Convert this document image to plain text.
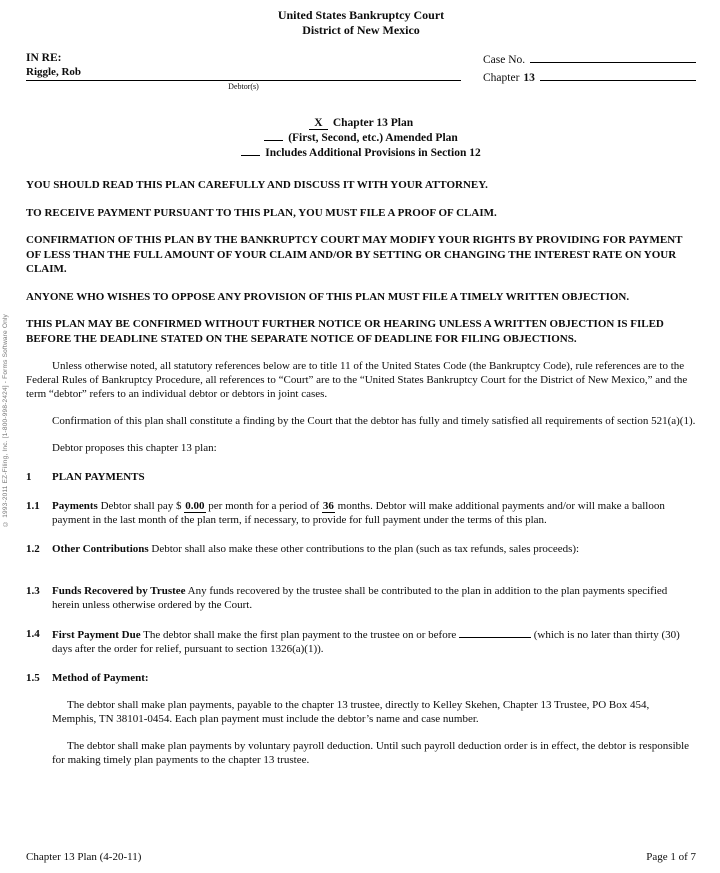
© 1993-2011 EZ-Filing, Inc. [1-800-998-2424] - Forms Software Only
United States Bankruptcy Court
District of New Mexico
IN RE:
Riggle, Rob
Debtor(s)
Case No.
Chapter 13
X Chapter 13 Plan
(First, Second, etc.) Amended Plan
Includes Additional Provisions in Section 12

YOU SHOULD READ THIS PLAN CAREFULLY AND DISCUSS IT WITH YOUR ATTORNEY.

TO RECEIVE PAYMENT PURSUANT TO THIS PLAN, YOU MUST FILE A PROOF OF CLAIM.

CONFIRMATION OF THIS PLAN BY THE BANKRUPTCY COURT MAY MODIFY YOUR RIGHTS BY PROVIDING FOR PAYMENT OF LESS THAN THE FULL AMOUNT OF YOUR CLAIM AND/OR BY SETTING OR CHANGING THE INTEREST RATE ON YOUR CLAIM.

ANYONE WHO WISHES TO OPPOSE ANY PROVISION OF THIS PLAN MUST FILE A TIMELY WRITTEN OBJECTION.

THIS PLAN MAY BE CONFIRMED WITHOUT FURTHER NOTICE OR HEARING UNLESS A WRITTEN OBJECTION IS FILED BEFORE THE DEADLINE STATED ON THE SEPARATE NOTICE OF DEADLINE FOR FILING OBJECTIONS.

Unless otherwise noted, all statutory references below are to title 11 of the United States Code (the Bankruptcy Code), rule references are to the Federal Rules of Bankruptcy Procedure, all references to “Court” are to the “United States Bankruptcy Court for the District of New Mexico,” and the term “debtor” refers to an individual debtor or debtors in joint cases.

Confirmation of this plan shall constitute a finding by the Court that the debtor has fully and timely satisfied all requirements of section 521(a)(1).

Debtor proposes this chapter 13 plan:

1	PLAN PAYMENTS
1.1	Payments Debtor shall pay $ 0.00 per month for a period of 36 months. Debtor will make additional payments and/or will make a balloon payment in the last month of the plan term, if necessary, to provide for full payment under the terms of this plan.
1.2	Other Contributions Debtor shall also make these other contributions to the plan (such as tax refunds, sales proceeds):
1.3	Funds Recovered by Trustee Any funds recovered by the trustee shall be contributed to the plan in addition to the plan payments specified herein unless otherwise ordered by the Court.
1.4	First Payment Due The debtor shall make the first plan payment to the trustee on or before	(which is no later than thirty (30) days after the order for relief, pursuant to section 1326(a)(1)).
1.5	Method of Payment:

The debtor shall make plan payments, payable to the chapter 13 trustee, directly to Kelley Skehen, Chapter 13 Trustee, PO Box 454, Memphis, TN 38101-0454. Each plan payment must include the debtor’s name and case number.

The debtor shall make plan payments by voluntary payroll deduction. Until such payroll deduction order is in effect, the debtor is responsible for making timely plan payments to the chapter 13 trustee.

Chapter 13 Plan (4-20-11)	Page 1 of 7
